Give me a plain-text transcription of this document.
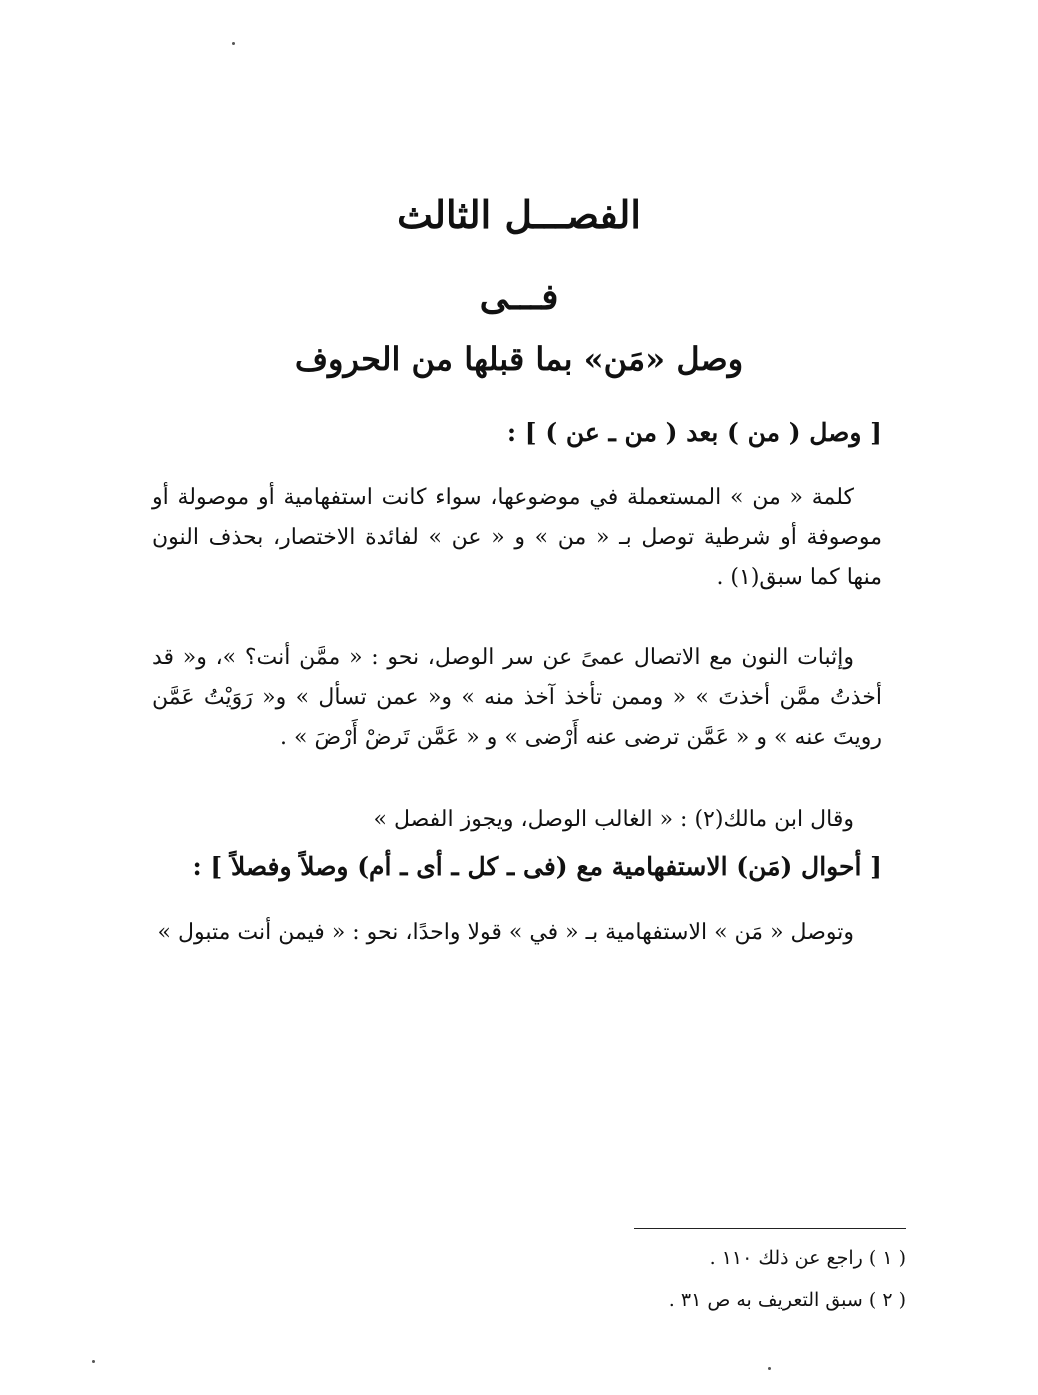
الفصـــل الثالث
فـــى
وصل «مَن» بما قبلها من الحروف
[ وصل ( من ) بعد ( من ـ عن ) ] :

كلمة « من » المستعملة في موضوعها، سواء كانت استفهامية أو موصولة أو موصوفة أو شرطية توصل بـ « من » و « عن » لفائدة الاختصار، بحذف النون منها كما سبق(١) .

وإثبات النون مع الاتصال عمىً عن سر الوصل، نحو : « ممَّن أنت؟ »، و« قد أخذتُ ممَّن أخذتَ » « وممن تأخذ آخذ منه » و« عمن تسأل » و« رَوَيْتُ عَمَّن رويتَ عنه » و « عَمَّن ترضى عنه أَرْضى » و « عَمَّن تَرضْ أَرْضَ » .

وقال ابن مالك(٢) : « الغالب الوصل، ويجوز الفصل »

[ أحوال (مَن) الاستفهامية مع (فى ـ كل ـ أى ـ أم) وصلاً وفصلاً ] :

وتوصل « مَن » الاستفهامية بـ « في » قولا واحدًا، نحو : « فيمن أنت متبول »

( ١ ) راجع عن ذلك ١١٠ .

( ٢ ) سبق التعريف به ص ٣١ .
